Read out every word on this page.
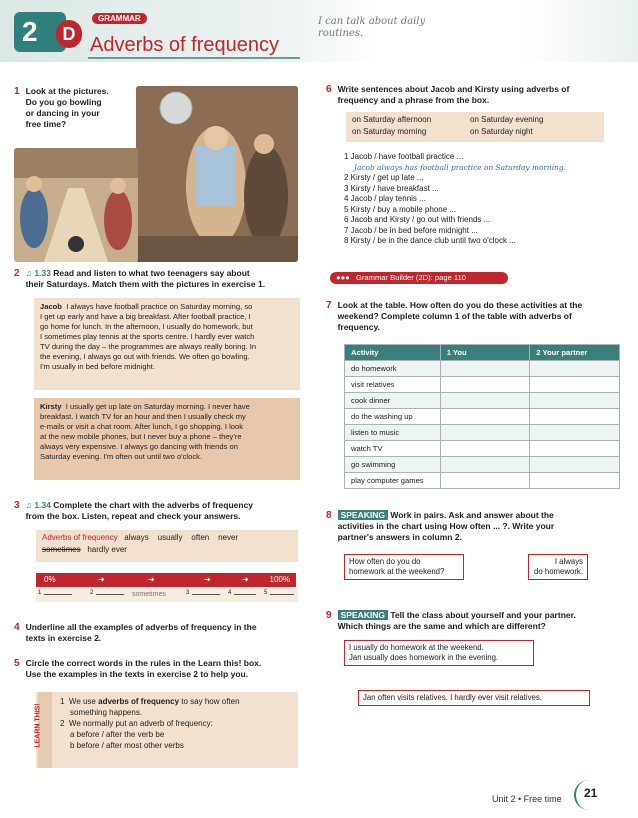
2	D
GRAMMAR
Adverbs of frequency
I can talk about daily routines.
1 Look at the pictures.
Do you go bowling
or dancing in your
free time?
2 ♫ 1.33 Read and listen to what two teenagers say about
their Saturdays. Match them with the pictures in exercise 1.
Jacob I always have football practice on Saturday morning, so
I get up early and have a big breakfast. After football practice, I
go home for lunch. In the afternoon, I usually do homework, but
I sometimes play tennis at the sports centre. I hardly ever watch
TV during the day – the programmes are always really boring. In
the evening, I always go out with friends. We often go bowling.
I'm usually in bed before midnight.
Kirsty I usually get up late on Saturday morning. I never have
breakfast. I watch TV for an hour and then I usually check my
e-mails or visit a chat room. After lunch, I go shopping. I look
at the new mobile phones, but I never buy a phone – they're
always very expensive. I always go dancing with friends on
Saturday evening. I'm often out until two o'clock.
3 ♫ 1.34 Complete the chart with the adverbs of frequency
from the box. Listen, repeat and check your answers.
Adverbs of frequency always usually often never
sometimes hardly ever
0%	➜	➜	➜	➜	100%
1	2	sometimes	3	4	5
4 Underline all the examples of adverbs of frequency in the
texts in exercise 2.
5 Circle the correct words in the rules in the Learn this! box.
Use the examples in the texts in exercise 2 to help you.
LEARN THIS!
1 We use adverbs of frequency to say how often
something happens.
2 We normally put an adverb of frequency:
a before / after the verb be
b before / after most other verbs
6 Write sentences about Jacob and Kirsty using adverbs of
frequency and a phrase from the box.
on Saturday afternoon	on Saturday evening
on Saturday morning	on Saturday night
1 Jacob / have football practice ...
Jacob always has football practice on Saturday morning.
2 Kirsty / get up late ...
3 Kirsty / have breakfast ...
4 Jacob / play tennis ...
5 Kirsty / buy a mobile phone ...
6 Jacob and Kirsty / go out with friends ...
7 Jacob / be in bed before midnight ...
8 Kirsty / be in the dance club until two o'clock ...
●●● Grammar Builder (2D): page 110
7 Look at the table. How often do you do these activities at the
weekend? Complete column 1 of the table with adverbs of
frequency.
Activity	1 You	2 Your partner
do homework		
visit relatives		
cook dinner		
do the washing up		
listen to music		
watch TV		
go swimming		
play computer games		
8	SPEAKING Work in pairs. Ask and answer about the
activities in the chart using How often ... ?. Write your
partner's answers in column 2.
How often do you do
homework at the weekend?
I always
do homework.
9	SPEAKING Tell the class about yourself and your partner.
Which things are the same and which are different?
I usually do homework at the weekend.
Jan usually does homework in the evening.
Jan often visits relatives. I hardly ever visit relatives.
Unit 2 • Free time 21
